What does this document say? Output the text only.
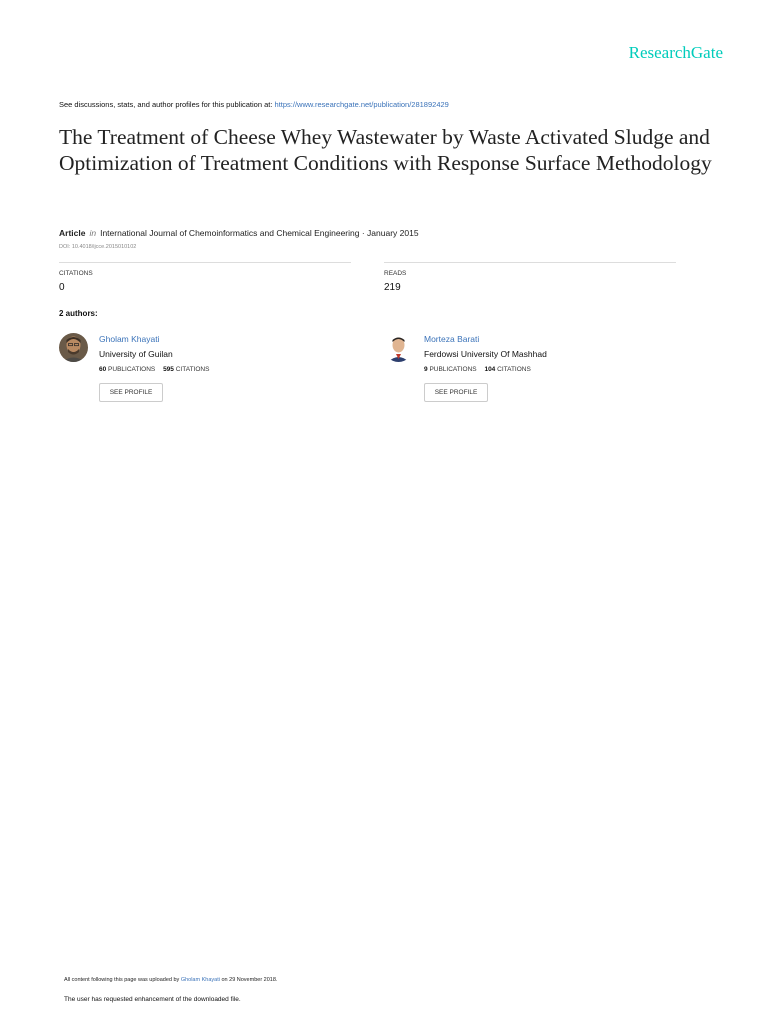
ResearchGate
See discussions, stats, and author profiles for this publication at: https://www.researchgate.net/publication/281892429
The Treatment of Cheese Whey Wastewater by Waste Activated Sludge and Optimization of Treatment Conditions with Response Surface Methodology
Article in International Journal of Chemoinformatics and Chemical Engineering · January 2015
DOI: 10.4018/ijcce.2015010102
CITATIONS
0
READS
219
2 authors:
Gholam Khayati
University of Guilan
60 PUBLICATIONS 595 CITATIONS
SEE PROFILE
Morteza Barati
Ferdowsi University Of Mashhad
9 PUBLICATIONS 104 CITATIONS
SEE PROFILE
All content following this page was uploaded by Gholam Khayati on 29 November 2018.
The user has requested enhancement of the downloaded file.
